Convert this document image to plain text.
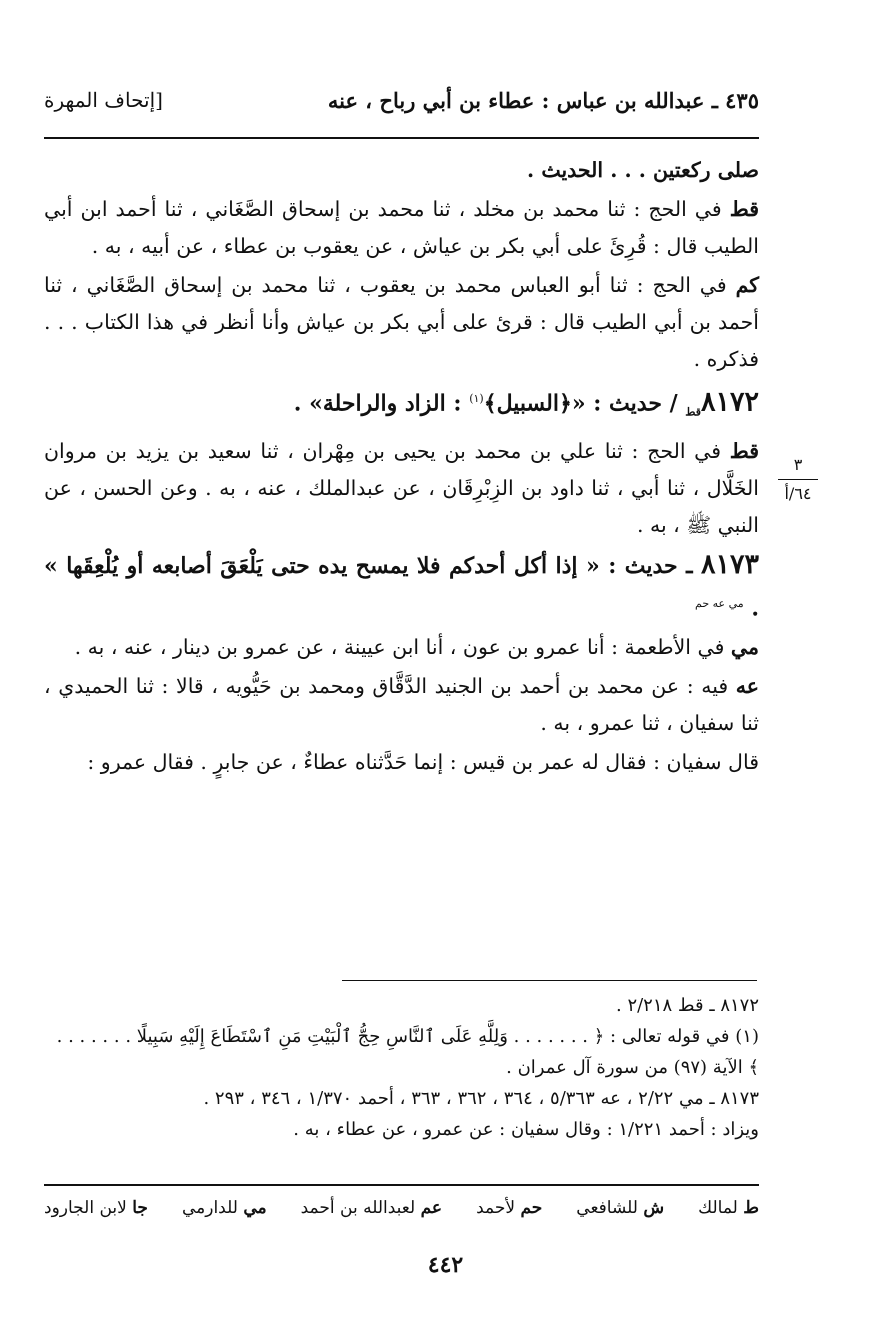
٤٣٥ ـ عبدالله بن عباس : عطاء بن أبي رباح ، عنه
[إتحاف المهرة
٣
٦٤/أ

صلى ركعتين . . . الحديث .

قط في الحج : ثنا محمد بن مخلد ، ثنا محمد بن إسحاق الصَّغَاني ، ثنا أحمد ابن أبي الطيب قال : قُرِئَ على أبي بكر بن عياش ، عن يعقوب بن عطاء ، عن أبيه ، به .

كم في الحج : ثنا أبو العباس محمد بن يعقوب ، ثنا محمد بن إسحاق الصَّغَاني ، ثنا أحمد بن أبي الطيب قال : قرئ على أبي بكر بن عياش وأنا أنظر في هذا الكتاب . . . فذكره .

$٨١٧٢_{قط}$ / حديث : «﴿السبيل﴾$^{(١)}$ : الزاد والراحلة» .

قط في الحج : ثنا علي بن محمد بن يحيى بن مِهْران ، ثنا سعيد بن يزيد بن مروان الخَلَّال ، ثنا أبي ، ثنا داود بن الزِبْرِقَان ، عن عبدالملك ، عنه ، به . وعن الحسن ، عن النبي ﷺ ، به .

٨١٧٣ ـ حديث : « إذا أكل أحدكم فلا يمسح يده حتى يَلْعَقَ أصابعه أو يُلْعِقَها » . $^{مي عه حم}$

مي في الأطعمة : أنا عمرو بن عون ، أنا ابن عيينة ، عن عمرو بن دينار ، عنه ، به .

عه فيه : عن محمد بن أحمد بن الجنيد الدَّقَّاق ومحمد بن حَيُّويه ، قالا : ثنا الحميدي ، ثنا سفيان ، ثنا عمرو ، به .

قال سفيان : فقال له عمر بن قيس : إنما حَدَّثناه عطاءٌ ، عن جابرٍ . فقال عمرو :

٨١٧٢ ـ قط ٢/٢١٨ .

(١) في قوله تعالى : ﴿ . . . . . . . وَلِلَّهِ عَلَى ٱلنَّاسِ حِجُّ ٱلْبَيْتِ مَنِ ٱسْتَطَاعَ إِلَيْهِ سَبِيلًا . . . . . . . ﴾ الآية (٩٧) من سورة آل عمران .

٨١٧٣ ـ مي ٢/٢٢ ، عه ٥/٣٦٣ ، ٣٦٤ ، ٣٦٢ ، ٣٦٣ ، أحمد ١/٣٧٠ ، ٣٤٦ ، ٢٩٣ .

ويزاد : أحمد ١/٢٢١ : وقال سفيان : عن عمرو ، عن عطاء ، به .

ط لمالك
ش للشافعي
حم لأحمد
عم لعبدالله بن أحمد
مي للدارمي
جا لابن الجارود
٤٤٢
